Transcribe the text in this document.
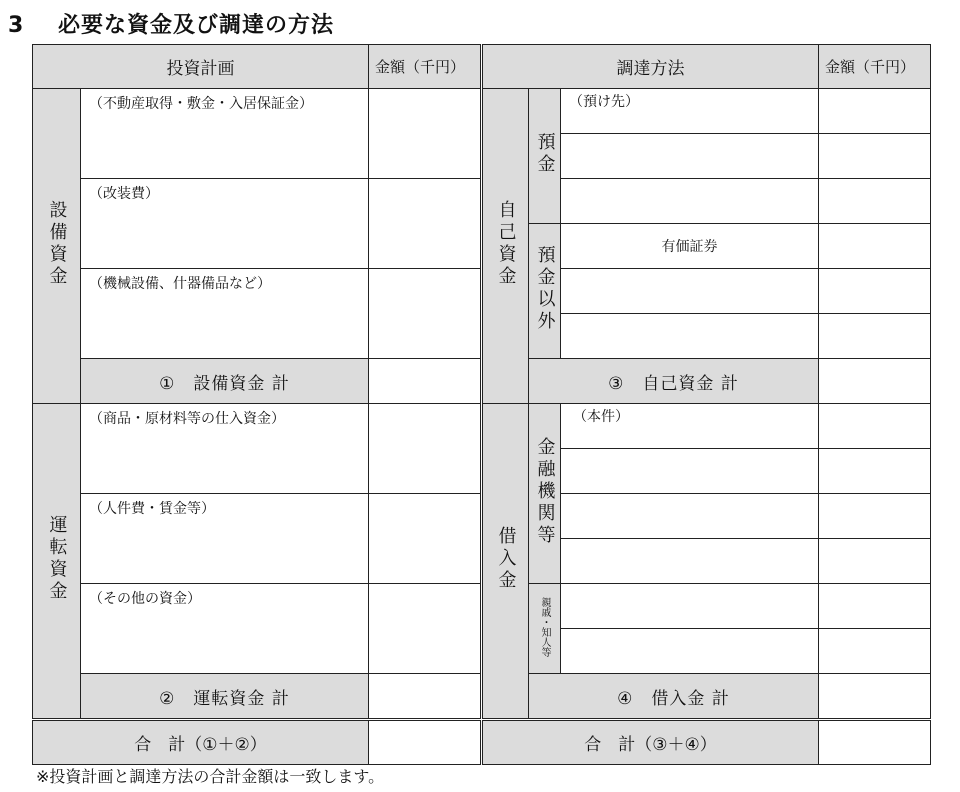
3 必要な資金及び調達の方法
投資計画		金額（千円）
設備資金	（不動産取得・敷金・入居保証金）	
	（改装費）	
	（機械設備、什器備品など）	
	①　設備資金 計	
運転資金	（商品・原材料等の仕入資金）	
	（人件費・賃金等）	
	（その他の資金）	
	②　運転資金 計	
合　計（①＋②）	
調達方法			金額（千円）
自己資金	預金	（預け先）	

	預金以外	有価証券	

	③　自己資金 計		
借入金	金融機関等	（本件）	

	親戚・知人等		

	④　借入金 計		
合　計（③＋④）	
※投資計画と調達方法の合計金額は一致します。
